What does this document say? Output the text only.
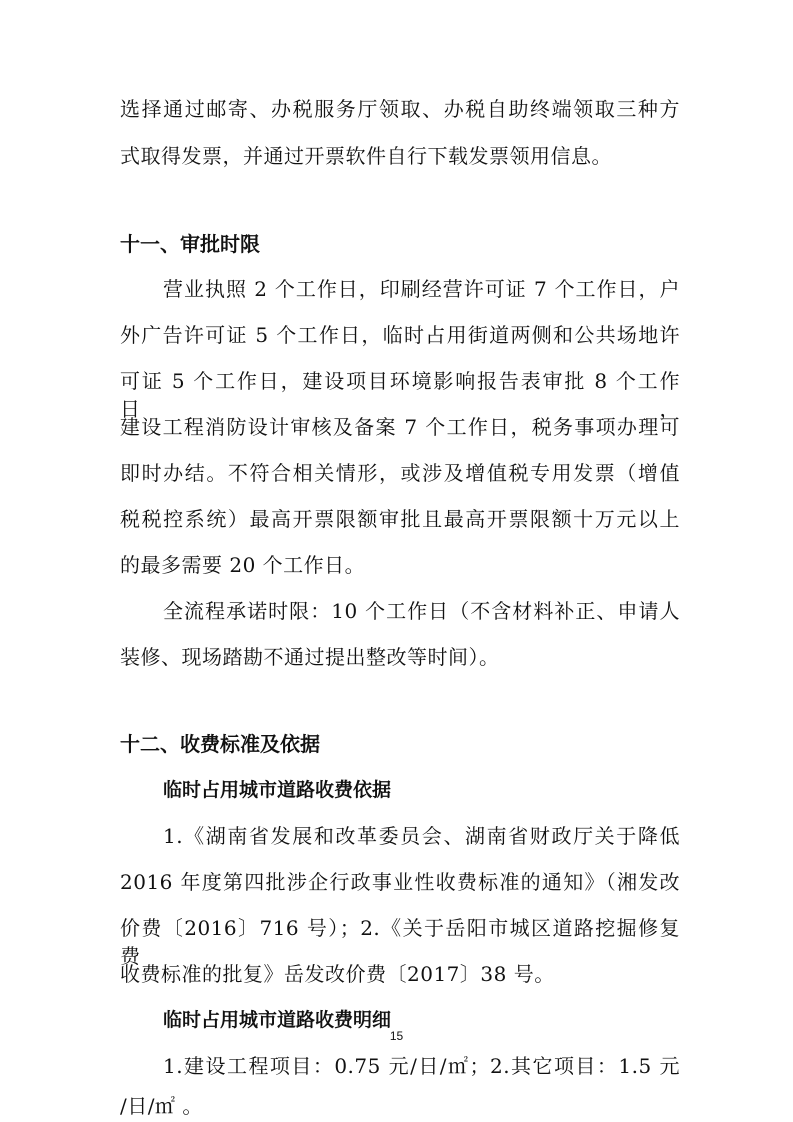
选择通过邮寄、办税服务厅领取、办税自助终端领取三种方
式取得发票，并通过开票软件自行下载发票领用信息。
十一、审批时限
营业执照 2 个工作日，印刷经营许可证 7 个工作日，户
外广告许可证 5 个工作日，临时占用街道两侧和公共场地许
可证 5 个工作日，建设项目环境影响报告表审批 8 个工作日，
建设工程消防设计审核及备案 7 个工作日，税务事项办理可
即时办结。不符合相关情形，或涉及增值税专用发票（增值
税税控系统）最高开票限额审批且最高开票限额十万元以上
的最多需要 20 个工作日。
全流程承诺时限：10 个工作日（不含材料补正、申请人
装修、现场踏勘不通过提出整改等时间）。
十二、收费标准及依据
临时占用城市道路收费依据
1.《湖南省发展和改革委员会、湖南省财政厅关于降低
2016 年度第四批涉企行政事业性收费标准的通知》（湘发改
价费〔2016〕716 号）；2.《关于岳阳市城区道路挖掘修复费
收费标准的批复》岳发改价费〔2017〕38 号。
临时占用城市道路收费明细
1.建设工程项目：0.75 元/日/㎡；2.其它项目：1.5 元
/日/㎡ 。
15
